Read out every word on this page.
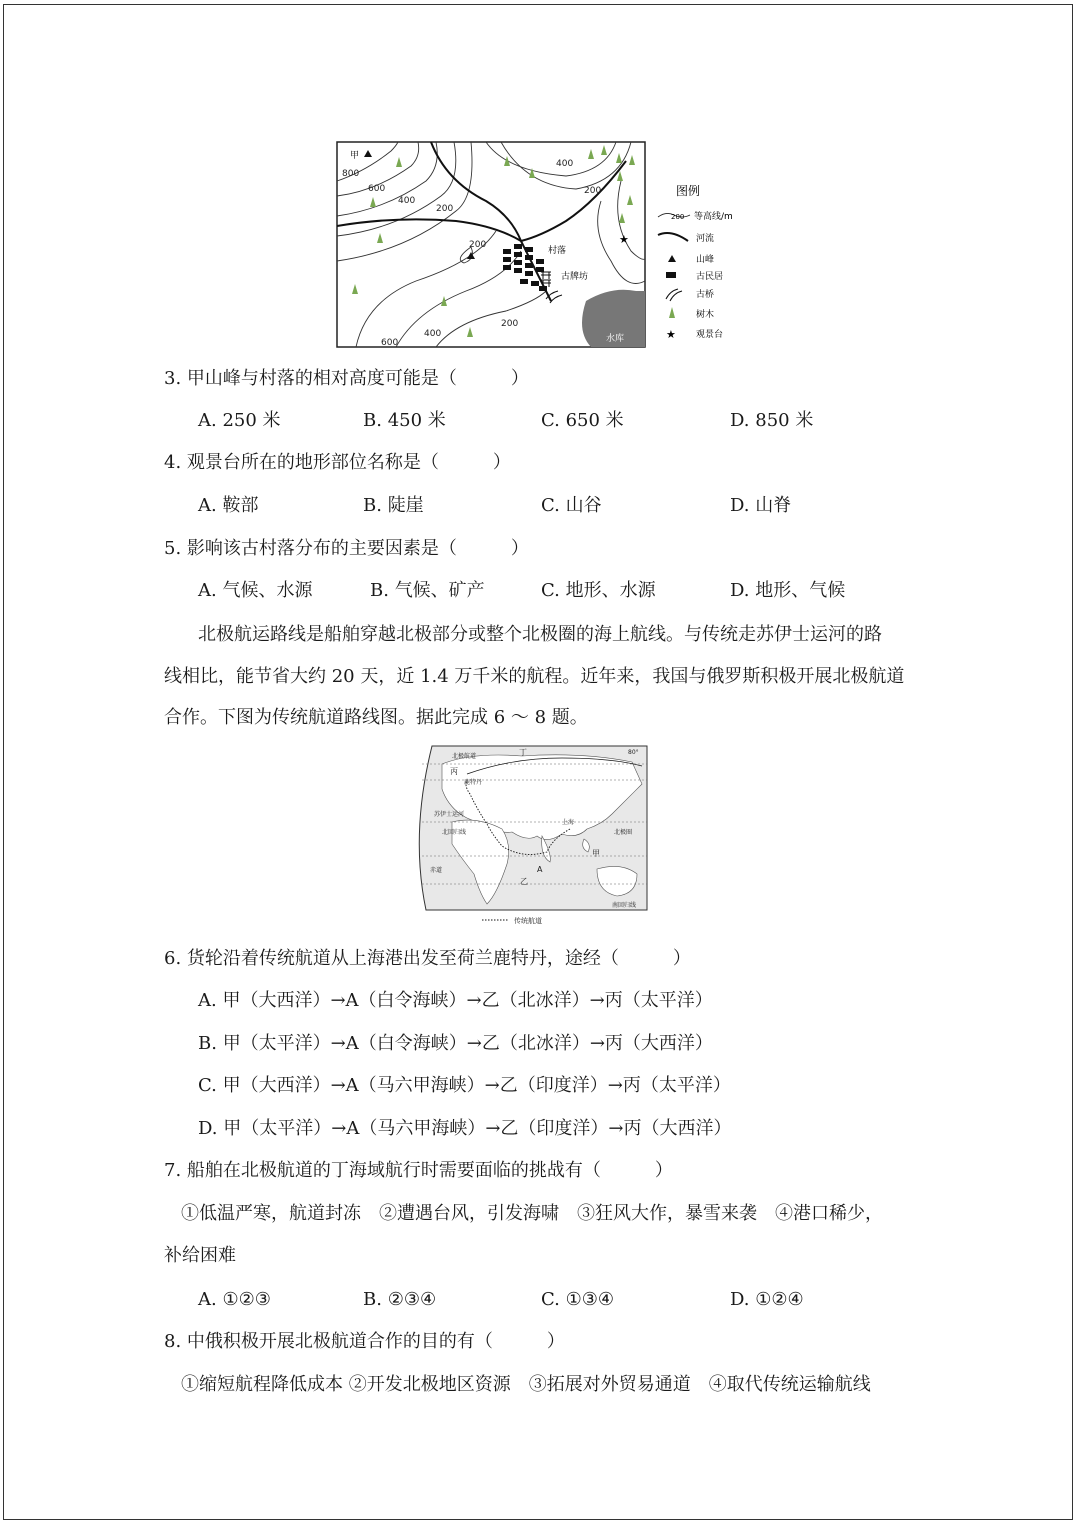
水库
村落
古牌坊
甲
★
800
600
400
200
400
200
200
200
400
600
图例
200 等高线/m
河流
山峰
古民居
古桥
树木
★ 观景台
3. 甲山峰与村落的相对高度可能是（　　　）
A. 250 米	B. 450 米	C. 650 米	D. 850 米
4. 观景台所在的地形部位名称是（　　　）
A. 鞍部	B. 陡崖	C. 山谷	D. 山脊
5. 影响该古村落分布的主要因素是（　　　）
A. 气候、水源	B. 气候、矿产	C. 地形、水源	D. 地形、气候
北极航运路线是船舶穿越北极部分或整个北极圈的海上航线。与传统走苏伊士运河的路
线相比，能节省大约 20 天，近 1.4 万千米的航程。近年来，我国与俄罗斯积极开展北极航道
合作。下图为传统航道路线图。据此完成 6 ～ 8 题。
80°
北极航道
丙
丁
鹿特丹
上海
苏伊士运河
北极圈
北回归线
甲
乙
A
赤道
南回归线
传统航道
6. 货轮沿着传统航道从上海港出发至荷兰鹿特丹，途经（　　　）
A. 甲（大西洋）→A（白令海峡）→乙（北冰洋）→丙（太平洋）
B. 甲（太平洋）→A（白令海峡）→乙（北冰洋）→丙（大西洋）
C. 甲（大西洋）→A（马六甲海峡）→乙（印度洋）→丙（太平洋）
D. 甲（太平洋）→A（马六甲海峡）→乙（印度洋）→丙（大西洋）
7. 船舶在北极航道的丁海域航行时需要面临的挑战有（　　　）
①低温严寒，航道封冻　②遭遇台风，引发海啸　③狂风大作，暴雪来袭　④港口稀少，
补给困难
A. ①②③	B. ②③④	C. ①③④	D. ①②④
8. 中俄积极开展北极航道合作的目的有（　　　）
①缩短航程降低成本 ②开发北极地区资源　③拓展对外贸易通道　④取代传统运输航线
